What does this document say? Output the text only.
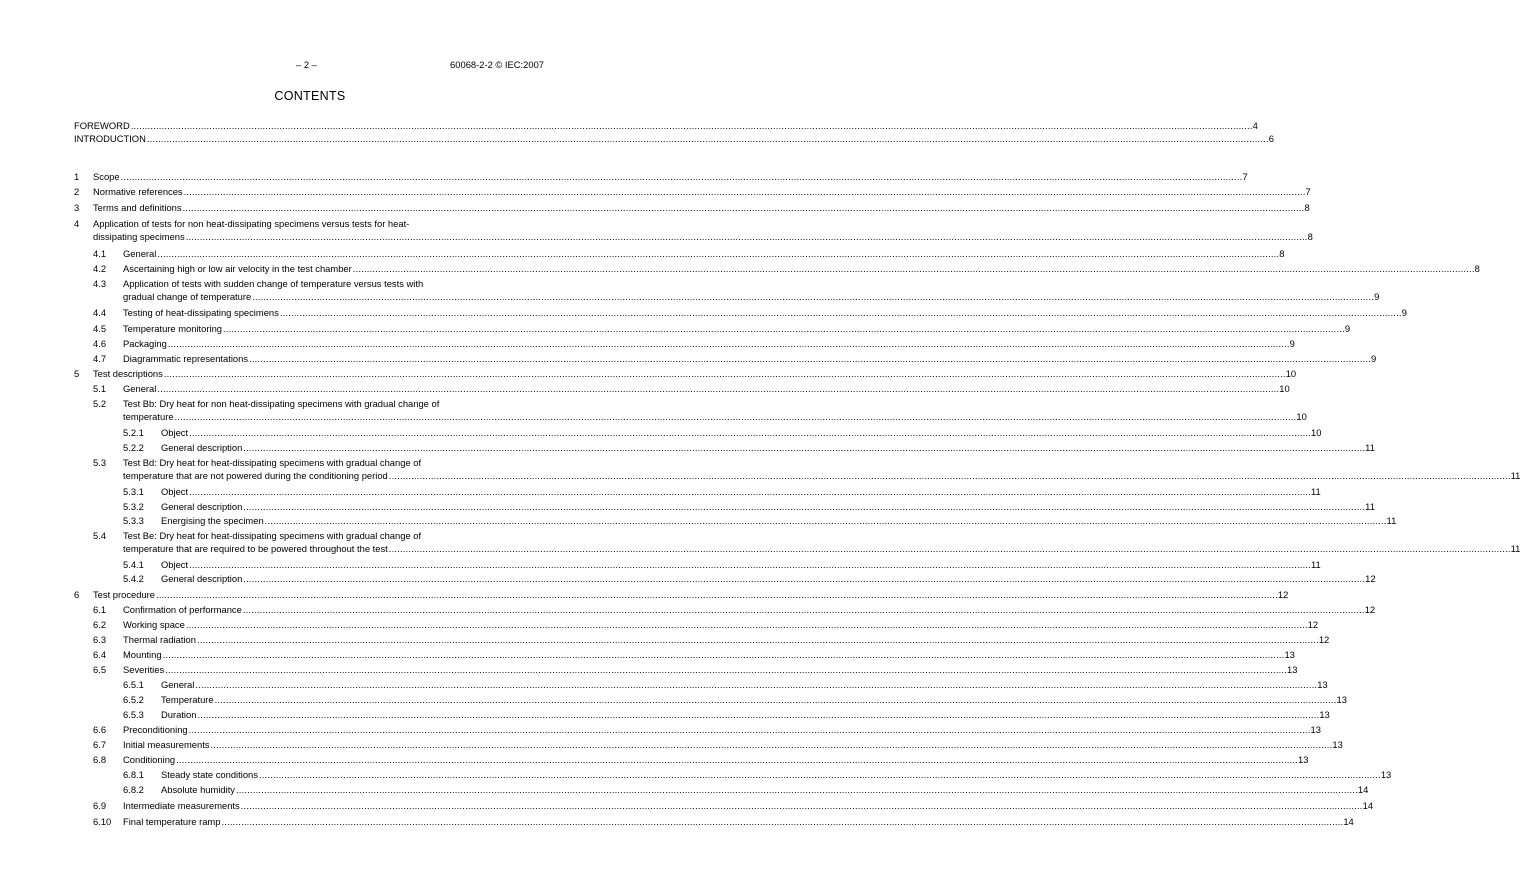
– 2 –	60068-2-2 © IEC:2007
CONTENTS
FOREWORD ................................................................................................................................................................................................................................................................................................................................................................................................................ 4
INTRODUCTION ................................................................................................................................................................................................................................................................................................................................................................................................................ 6
1 Scope ................................................................................................................................................................................................................................................................................................................................................................................................................ 7
2 Normative references ................................................................................................................................................................................................................................................................................................................................................................................................................ 7
3 Terms and definitions ................................................................................................................................................................................................................................................................................................................................................................................................................ 8
4 Application of tests for non heat-dissipating specimens versus tests for heat-
dissipating specimens ................................................................................................................................................................................................................................................................................................................................................................................................................ 8
4.1 General ................................................................................................................................................................................................................................................................................................................................................................................................................ 8
4.2 Ascertaining high or low air velocity in the test chamber ................................................................................................................................................................................................................................................................................................................................................................................................................ 8
4.3 Application of tests with sudden change of temperature versus tests with
gradual change of temperature ................................................................................................................................................................................................................................................................................................................................................................................................................ 9
4.4 Testing of heat-dissipating specimens ................................................................................................................................................................................................................................................................................................................................................................................................................ 9
4.5 Temperature monitoring ................................................................................................................................................................................................................................................................................................................................................................................................................ 9
4.6 Packaging ................................................................................................................................................................................................................................................................................................................................................................................................................ 9
4.7 Diagrammatic representations ................................................................................................................................................................................................................................................................................................................................................................................................................ 9
5 Test descriptions ................................................................................................................................................................................................................................................................................................................................................................................................................ 10
5.1 General ................................................................................................................................................................................................................................................................................................................................................................................................................ 10
5.2 Test Bb: Dry heat for non heat-dissipating specimens with gradual change of
temperature ................................................................................................................................................................................................................................................................................................................................................................................................................ 10
5.2.1 Object ................................................................................................................................................................................................................................................................................................................................................................................................................ 10
5.2.2 General description ................................................................................................................................................................................................................................................................................................................................................................................................................ 11
5.3 Test Bd: Dry heat for heat-dissipating specimens with gradual change of
temperature that are not powered during the conditioning period ................................................................................................................................................................................................................................................................................................................................................................................................................ 11
5.3.1 Object ................................................................................................................................................................................................................................................................................................................................................................................................................ 11
5.3.2 General description ................................................................................................................................................................................................................................................................................................................................................................................................................ 11
5.3.3 Energising the specimen ................................................................................................................................................................................................................................................................................................................................................................................................................ 11
5.4 Test Be: Dry heat for heat-dissipating specimens with gradual change of
temperature that are required to be powered throughout the test ................................................................................................................................................................................................................................................................................................................................................................................................................ 11
5.4.1 Object ................................................................................................................................................................................................................................................................................................................................................................................................................ 11
5.4.2 General description ................................................................................................................................................................................................................................................................................................................................................................................................................ 12
6 Test procedure ................................................................................................................................................................................................................................................................................................................................................................................................................ 12
6.1 Confirmation of performance ................................................................................................................................................................................................................................................................................................................................................................................................................ 12
6.2 Working space ................................................................................................................................................................................................................................................................................................................................................................................................................ 12
6.3 Thermal radiation ................................................................................................................................................................................................................................................................................................................................................................................................................ 12
6.4 Mounting ................................................................................................................................................................................................................................................................................................................................................................................................................ 13
6.5 Severities ................................................................................................................................................................................................................................................................................................................................................................................................................ 13
6.5.1 General ................................................................................................................................................................................................................................................................................................................................................................................................................ 13
6.5.2 Temperature ................................................................................................................................................................................................................................................................................................................................................................................................................ 13
6.5.3 Duration ................................................................................................................................................................................................................................................................................................................................................................................................................ 13
6.6 Preconditioning ................................................................................................................................................................................................................................................................................................................................................................................................................ 13
6.7 Initial measurements ................................................................................................................................................................................................................................................................................................................................................................................................................ 13
6.8 Conditioning ................................................................................................................................................................................................................................................................................................................................................................................................................ 13
6.8.1 Steady state conditions ................................................................................................................................................................................................................................................................................................................................................................................................................ 13
6.8.2 Absolute humidity ................................................................................................................................................................................................................................................................................................................................................................................................................ 14
6.9 Intermediate measurements ................................................................................................................................................................................................................................................................................................................................................................................................................ 14
6.10 Final temperature ramp ................................................................................................................................................................................................................................................................................................................................................................................................................ 14
